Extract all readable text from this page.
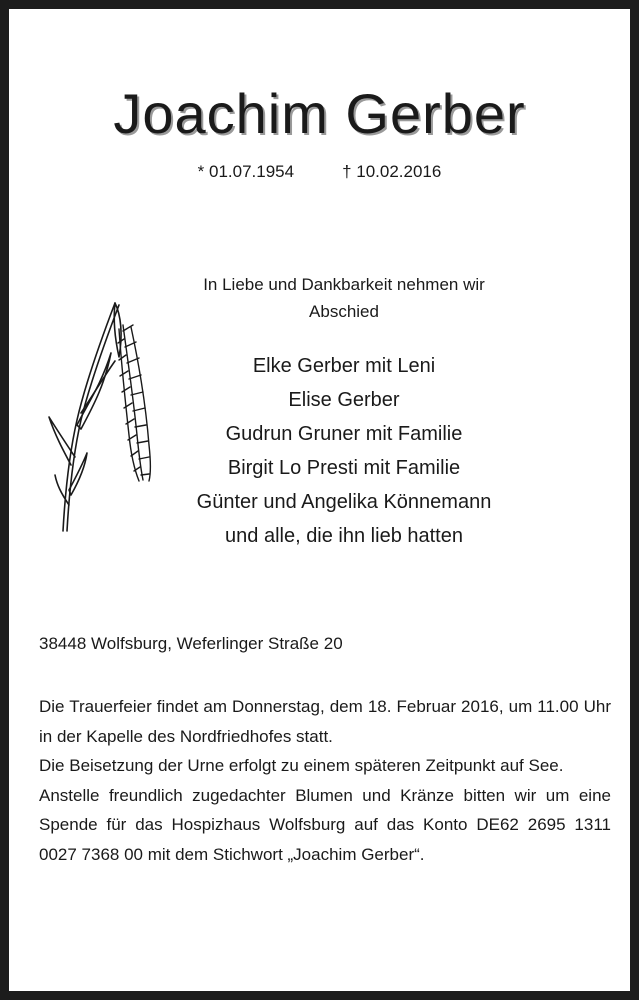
Joachim Gerber
* 01.07.1954	† 10.02.2016
In Liebe und Dankbarkeit nehmen wir Abschied
Elke Gerber mit Leni
Elise Gerber
Gudrun Gruner mit Familie
Birgit Lo Presti mit Familie
Günter und Angelika Könnemann
und alle, die ihn lieb hatten
38448 Wolfsburg, Weferlinger Straße 20

Die Trauerfeier findet am Donnerstag, dem 18. Februar 2016, um 11.00 Uhr in der Kapelle des Nordfriedhofes statt.

Die Beisetzung der Urne erfolgt zu einem späteren Zeitpunkt auf See.

Anstelle freundlich zugedachter Blumen und Kränze bitten wir um eine Spende für das Hospizhaus Wolfsburg auf das Konto DE62 2695 1311 0027 7368 00 mit dem Stichwort „Joachim Gerber“.
